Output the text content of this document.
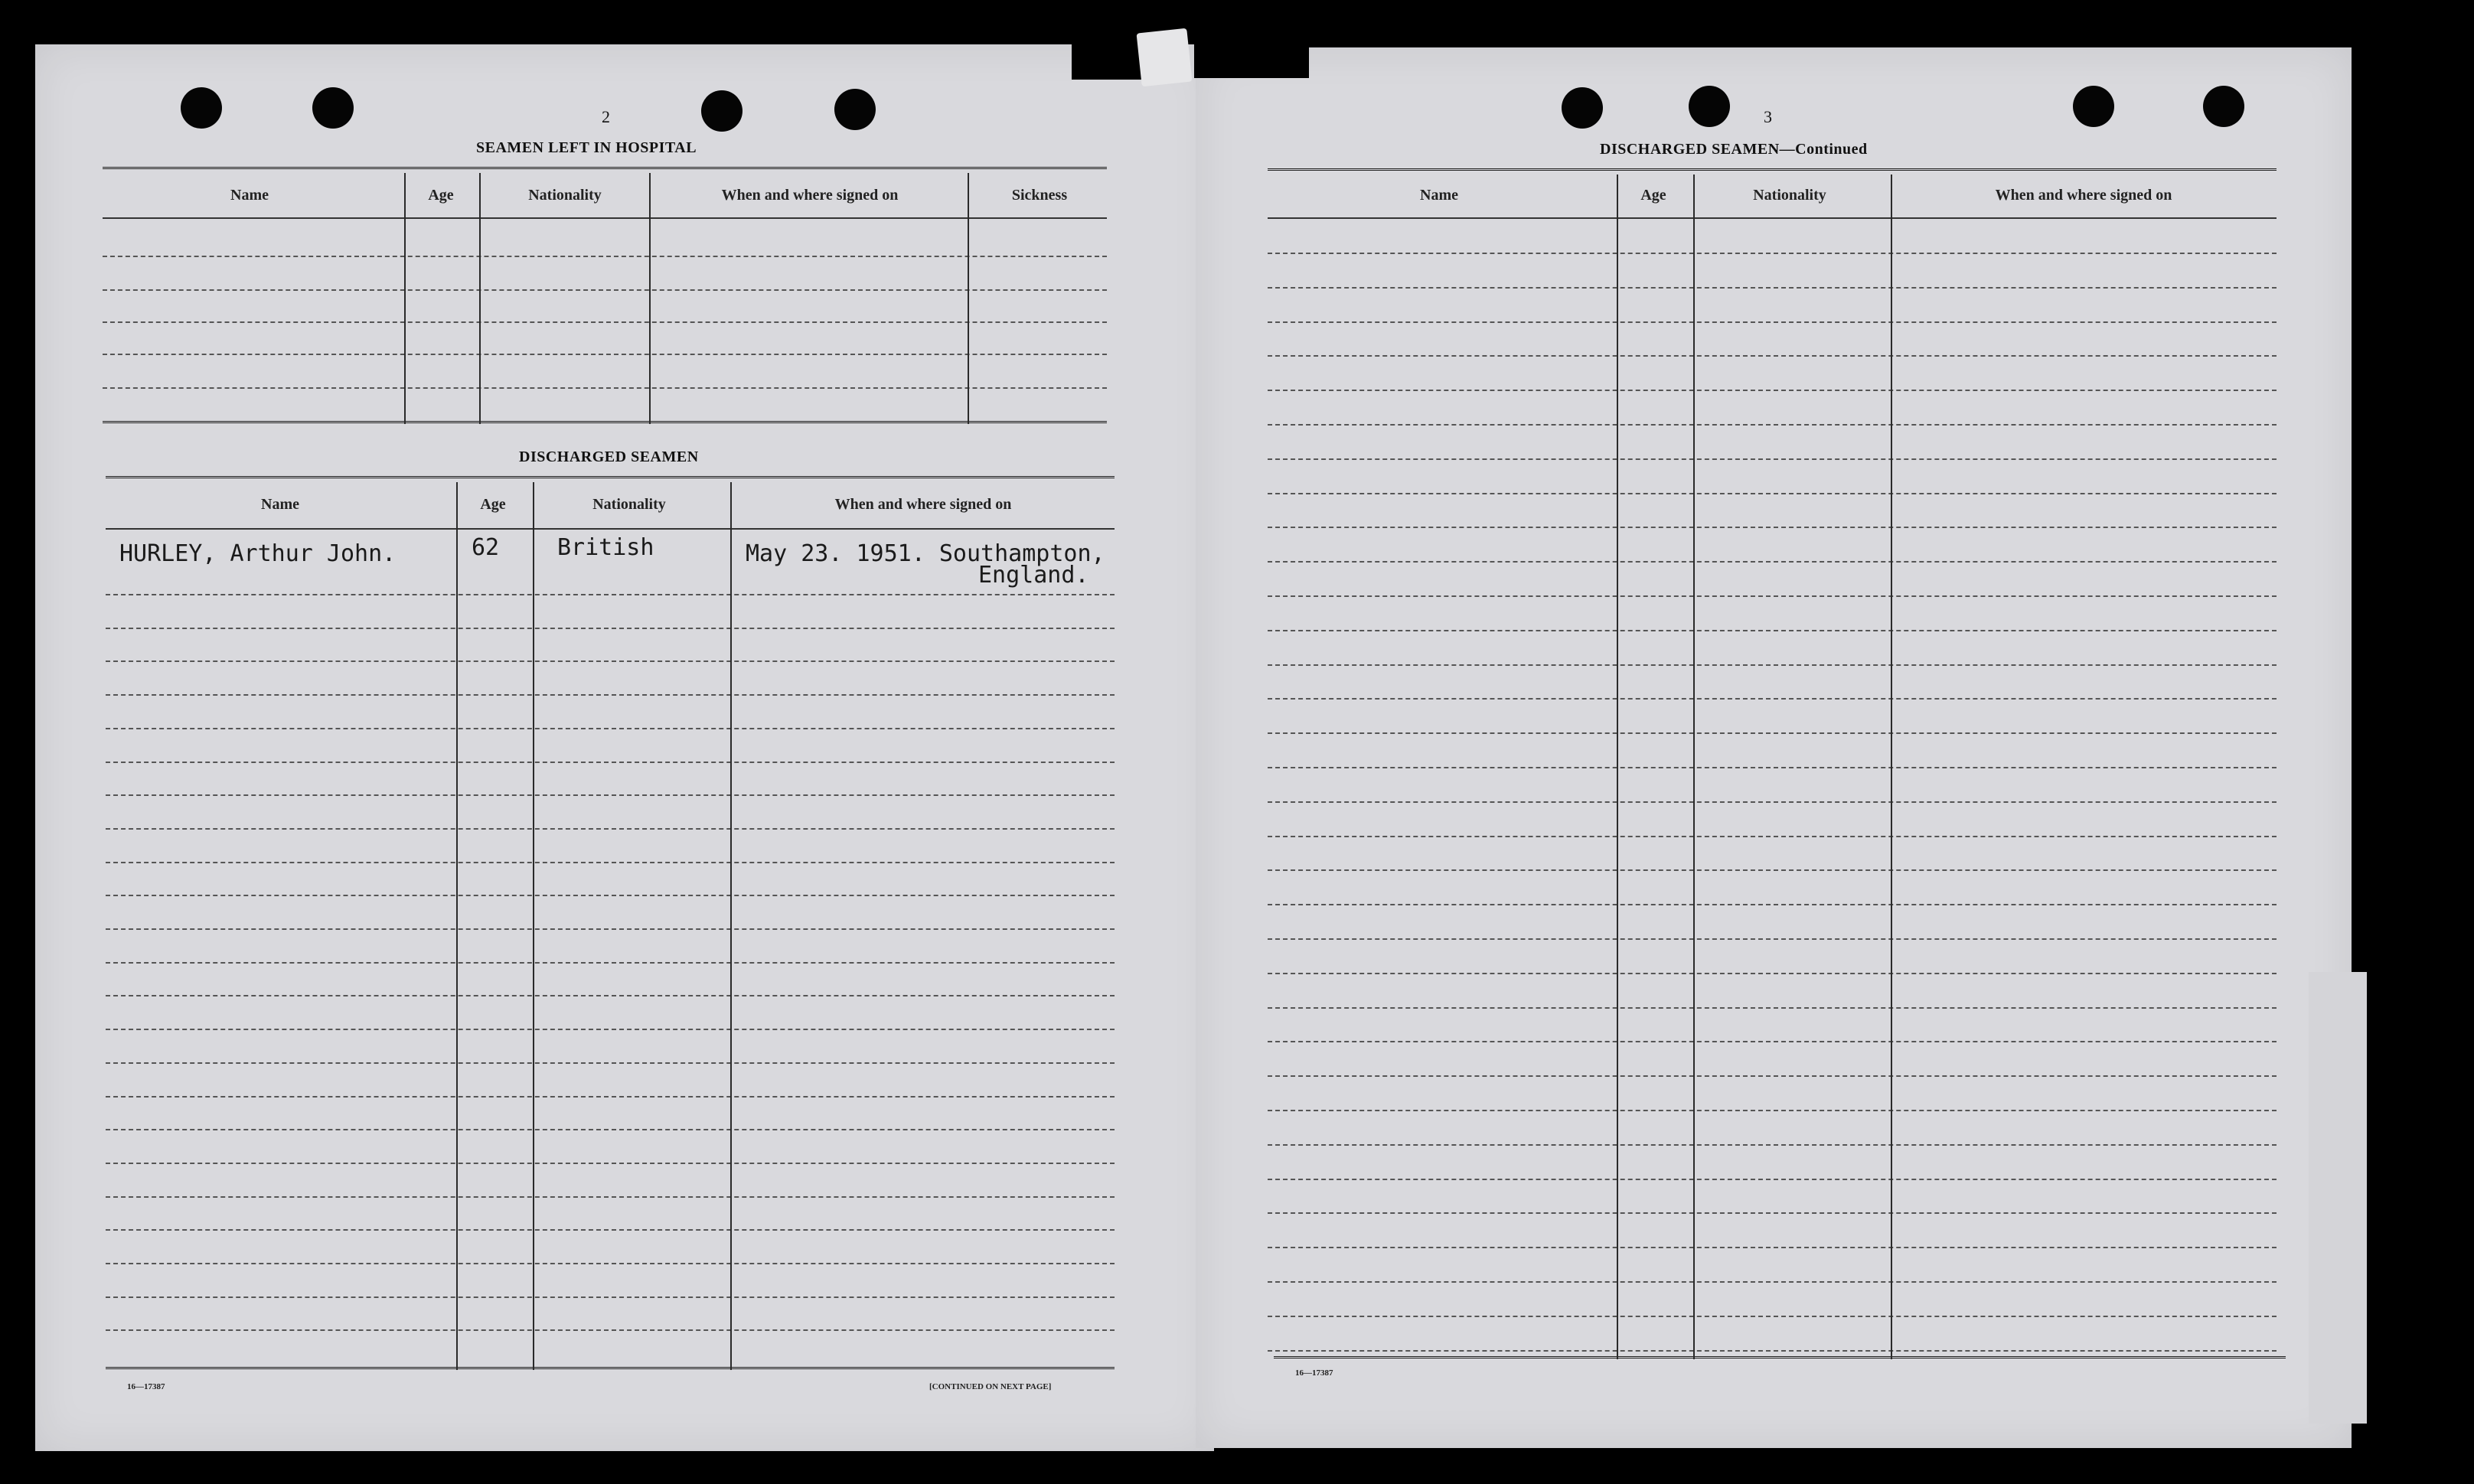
2
SEAMEN LEFT IN HOSPITAL
Name	Age	Nationality	When and where signed on	Sickness
DISCHARGED SEAMEN
Name	Age	Nationality	When and where signed on
HURLEY, Arthur John.	62	British	May 23. 1951. Southampton,
England.
16—17387	[CONTINUED ON NEXT PAGE]
3
DISCHARGED SEAMEN—Continued
Name	Age	Nationality	When and where signed on
16—17387
